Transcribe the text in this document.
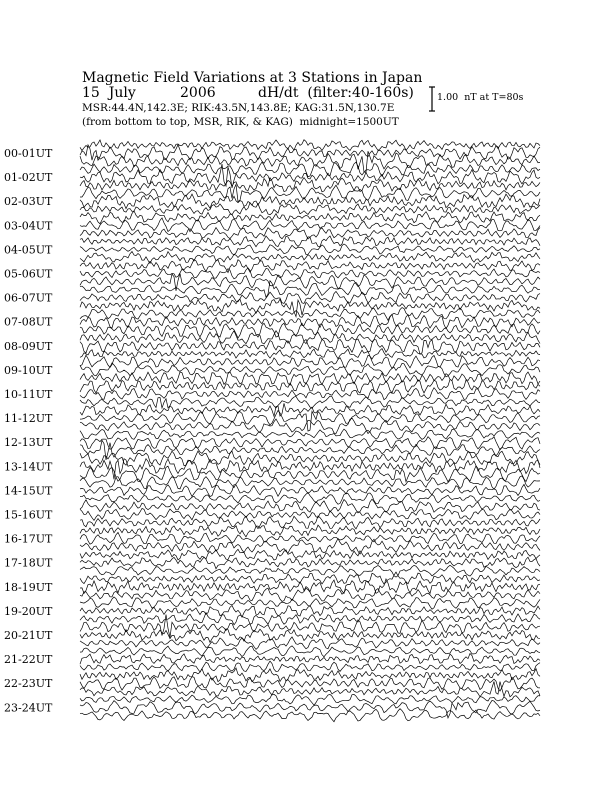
Magnetic Field Variations at 3 Stations in Japan

15  July

	2006

	dH/dt  (filter:40-160s)

MSR:44.4N,142.3E; RIK:43.5N,143.8E; KAG:31.5N,130.7E
(from bottom to top, MSR, RIK, & KAG)  midnight=1500UT
1.00  nT at T=80s
00-01UT
01-02UT
02-03UT
03-04UT
04-05UT
05-06UT
06-07UT
07-08UT
08-09UT
09-10UT
10-11UT
11-12UT
12-13UT
13-14UT
14-15UT
15-16UT
16-17UT
17-18UT
18-19UT
19-20UT
20-21UT
21-22UT
22-23UT
23-24UT
